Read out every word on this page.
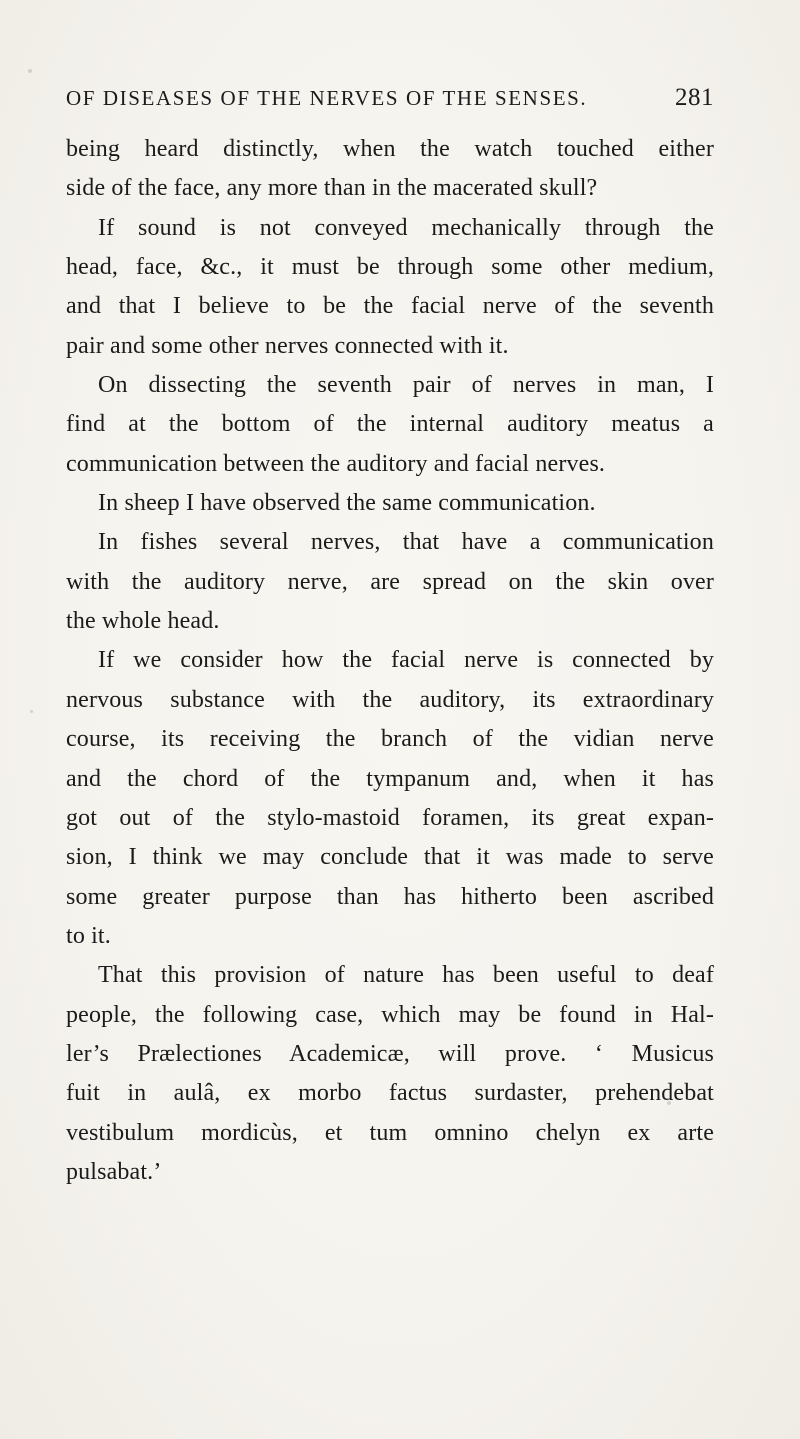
OF DISEASES OF THE NERVES OF THE SENSES.	281
being heard distinctly, when the watch touched either
side of the face, any more than in the macerated skull?
If sound is not conveyed mechanically through the
head, face, &c., it must be through some other medium,
and that I believe to be the facial nerve of the seventh
pair and some other nerves connected with it.
On dissecting the seventh pair of nerves in man, I
find at the bottom of the internal auditory meatus a
communication between the auditory and facial nerves.
In sheep I have observed the same communication.
In fishes several nerves, that have a communication
with the auditory nerve, are spread on the skin over
the whole head.
If we consider how the facial nerve is connected by
nervous substance with the auditory, its extraordinary
course, its receiving the branch of the vidian nerve
and the chord of the tympanum and, when it has
got out of the stylo-mastoid foramen, its great expan-
sion, I think we may conclude that it was made to serve
some greater purpose than has hitherto been ascribed
to it.
That this provision of nature has been useful to deaf
people, the following case, which may be found in Hal-
ler’s Prælectiones Academicæ, will prove. ‘ Musicus
fuit in aulâ, ex morbo factus surdaster, prehendebat
vestibulum mordicùs, et tum omnino chelyn ex arte
pulsabat.’
